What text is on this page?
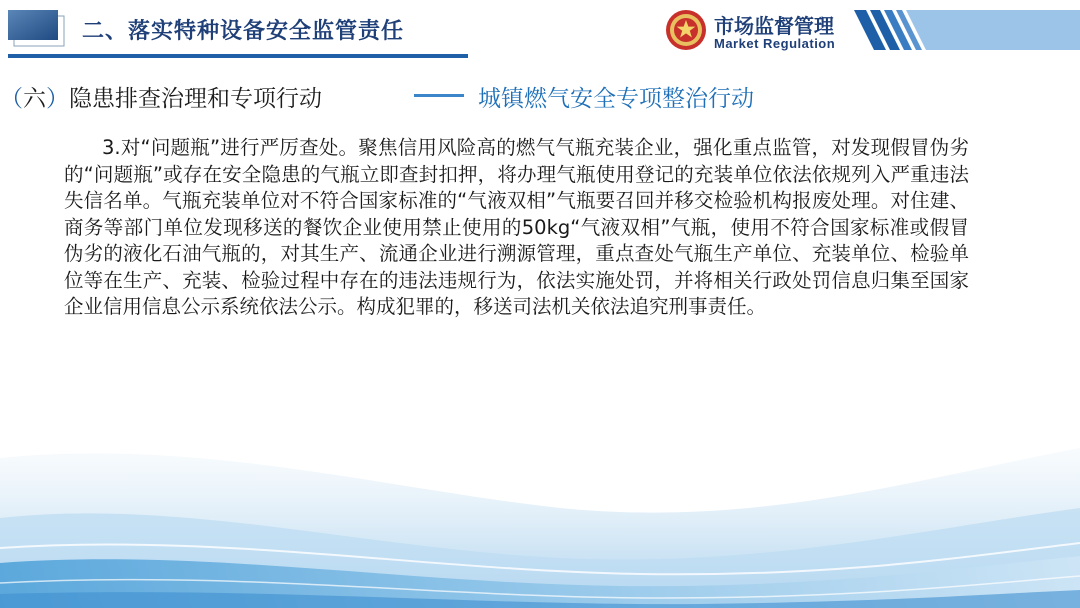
二、落实特种设备安全监管责任	市场监督管理
Market Regulation
（六）隐患排查治理和专项行动	城镇燃气安全专项整治行动
3.对“问题瓶”进行严厉查处。聚焦信用风险高的燃气气瓶充装企业，强化重点监管，对发现假冒伪劣的“问题瓶”或存在安全隐患的气瓶立即查封扣押，将办理气瓶使用登记的充装单位依法依规列入严重违法失信名单。气瓶充装单位对不符合国家标准的“气液双相”气瓶要召回并移交检验机构报废处理。对住建、商务等部门单位发现移送的餐饮企业使用禁止使用的50kg“气液双相”气瓶，使用不符合国家标准或假冒伪劣的液化石油气瓶的，对其生产、流通企业进行溯源管理，重点查处气瓶生产单位、充装单位、检验单位等在生产、充装、检验过程中存在的违法违规行为，依法实施处罚，并将相关行政处罚信息归集至国家企业信用信息公示系统依法公示。构成犯罪的，移送司法机关依法追究刑事责任。
